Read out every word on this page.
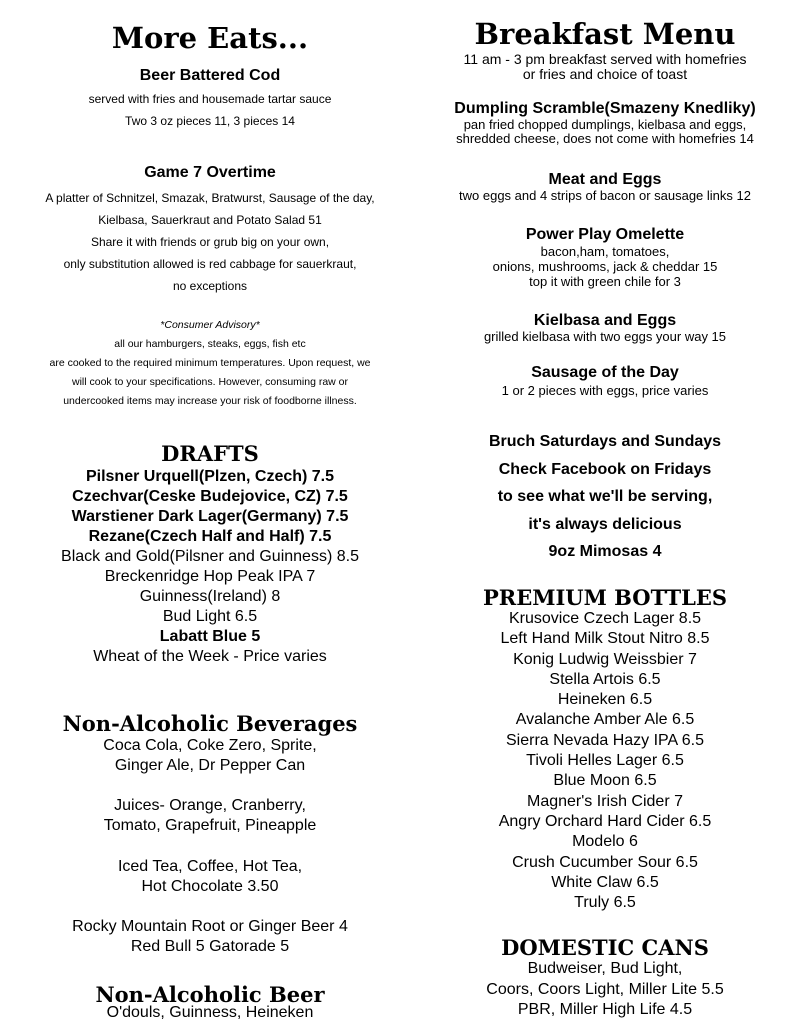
More Eats...
Beer Battered Cod
served with fries and housemade tartar sauce
Two 3 oz pieces 11, 3 pieces 14
Game 7 Overtime
A platter of Schnitzel, Smazak, Bratwurst, Sausage of the day,
Kielbasa, Sauerkraut and Potato Salad 51
Share it with friends or grub big on your own,
only substitution allowed is red cabbage for sauerkraut,
no exceptions
*Consumer Advisory*
all our hamburgers, steaks, eggs, fish etc
are cooked to the required minimum temperatures. Upon request, we
will cook to your specifications. However, consuming raw or
undercooked items may increase your risk of foodborne illness.
DRAFTS
Pilsner Urquell(Plzen, Czech) 7.5
Czechvar(Ceske Budejovice, CZ) 7.5
Warstiener Dark Lager(Germany) 7.5
Rezane(Czech Half and Half) 7.5
Black and Gold(Pilsner and Guinness) 8.5
Breckenridge Hop Peak IPA 7
Guinness(Ireland) 8
Bud Light 6.5
Labatt Blue 5
Wheat of the Week - Price varies
Non-Alcoholic Beverages
Coca Cola, Coke Zero, Sprite,
Ginger Ale, Dr Pepper Can
Juices- Orange, Cranberry,
Tomato, Grapefruit, Pineapple
Iced Tea, Coffee, Hot Tea,
Hot Chocolate 3.50
Rocky Mountain Root or Ginger Beer 4
Red Bull 5 Gatorade 5
Non-Alcoholic Beer
O'douls, Guinness, Heineken
Breakfast Menu
11 am - 3 pm breakfast served with homefries
or fries and choice of toast
Dumpling Scramble(Smazeny Knedliky)
pan fried chopped dumplings, kielbasa and eggs,
shredded cheese, does not come with homefries 14
Meat and Eggs
two eggs and 4 strips of bacon or sausage links 12
Power Play Omelette
bacon,ham, tomatoes,
onions, mushrooms, jack & cheddar 15
top it with green chile for 3
Kielbasa and Eggs
grilled kielbasa with two eggs your way 15
Sausage of the Day
1 or 2 pieces with eggs, price varies
Bruch Saturdays and Sundays
Check Facebook on Fridays
to see what we'll be serving,
it's always delicious
9oz Mimosas 4
PREMIUM BOTTLES
Krusovice Czech Lager 8.5
Left Hand Milk Stout Nitro 8.5
Konig Ludwig Weissbier 7
Stella Artois 6.5
Heineken 6.5
Avalanche Amber Ale 6.5
Sierra Nevada Hazy IPA 6.5
Tivoli Helles Lager 6.5
Blue Moon 6.5
Magner's Irish Cider 7
Angry Orchard Hard Cider 6.5
Modelo 6
Crush Cucumber Sour 6.5
White Claw 6.5
Truly 6.5
DOMESTIC CANS
Budweiser, Bud Light,
Coors, Coors Light, Miller Lite 5.5
PBR, Miller High Life 4.5
